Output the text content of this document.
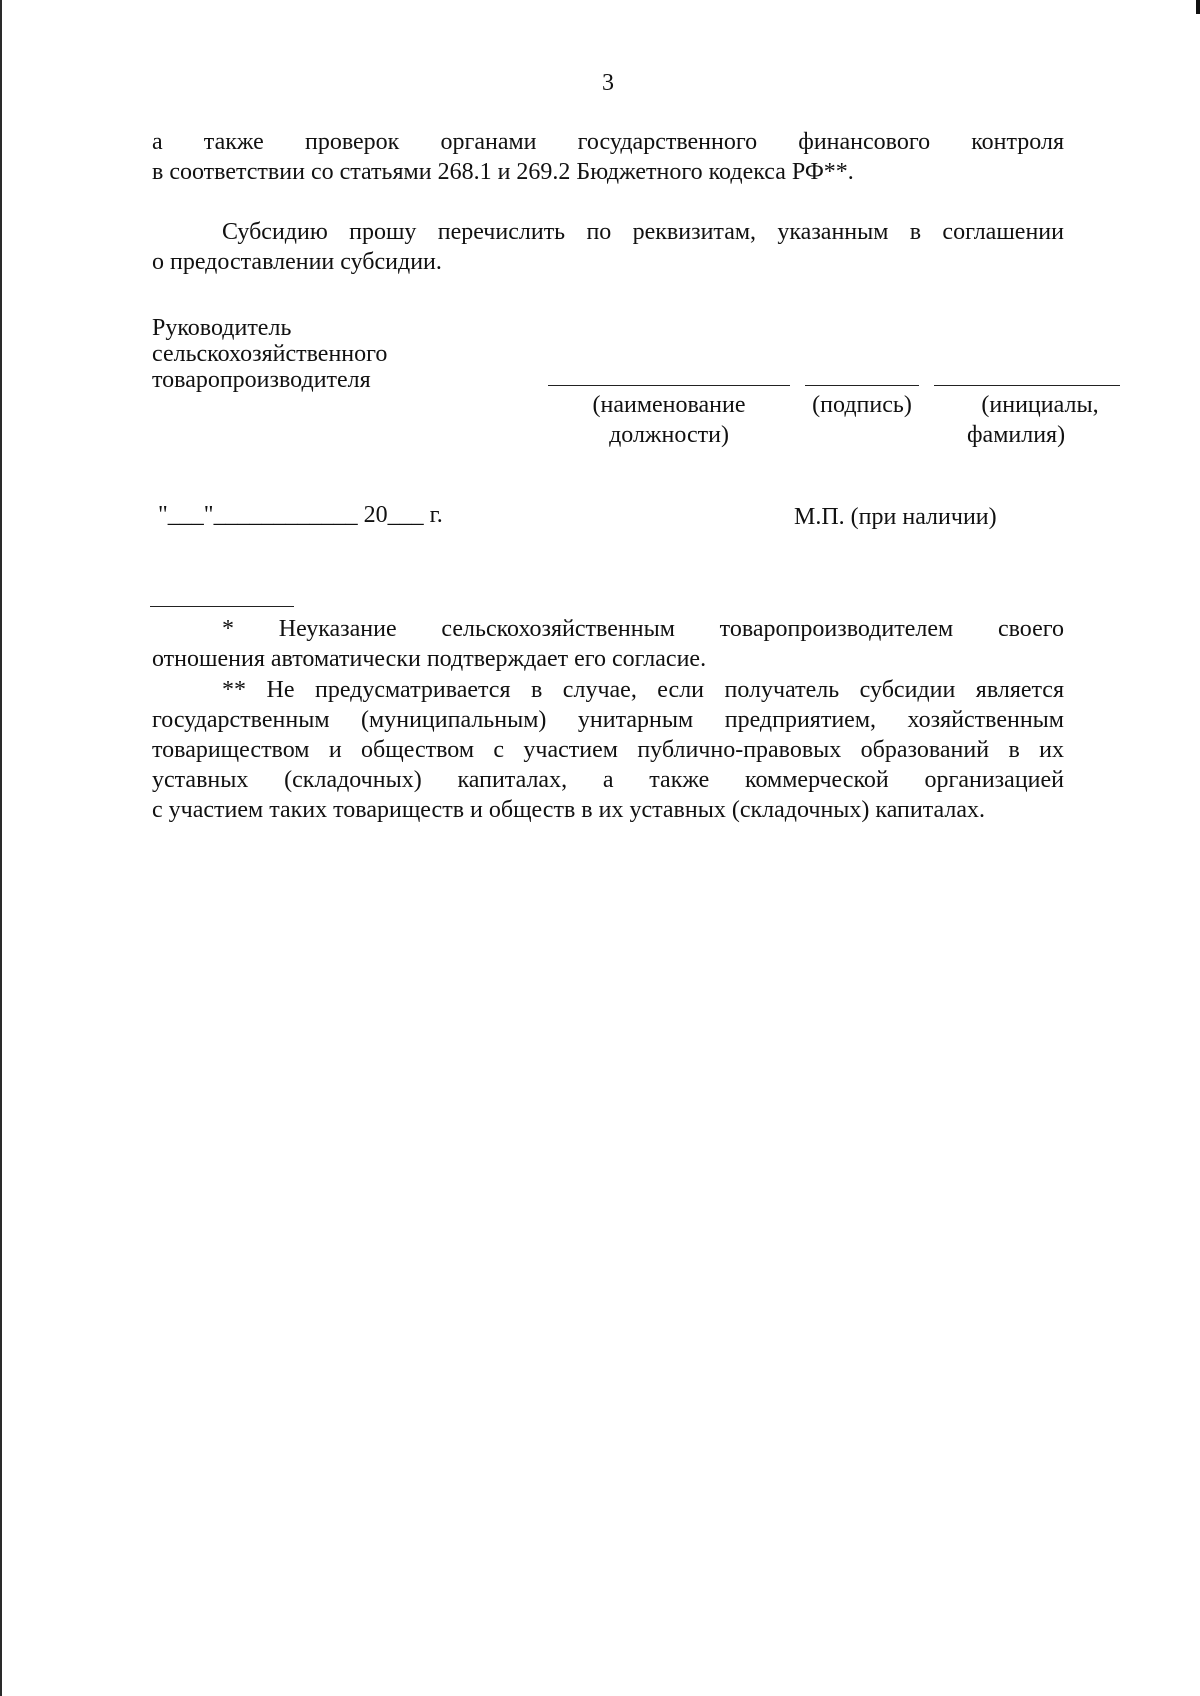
3
а также проверок органами государственного финансового контроля
в соответствии со статьями 268.1 и 269.2 Бюджетного кодекса РФ**.
Субсидию прошу перечислить по реквизитам, указанным в соглашении
о предоставлении субсидии.
Руководитель
сельскохозяйственного
товаропроизводителя
(наименование
должности)
(подпись)	(инициалы,
фамилия)
"___"____________ 20___ г.	М.П. (при наличии)
* Неуказание сельскохозяйственным товаропроизводителем своего
отношения автоматически подтверждает его согласие.
** Не предусматривается в случае, если получатель субсидии является
государственным (муниципальным) унитарным предприятием, хозяйственным
товариществом и обществом с участием публично-правовых образований в их
уставных (складочных) капиталах, а также коммерческой организацией
с участием таких товариществ и обществ в их уставных (складочных) капиталах.
